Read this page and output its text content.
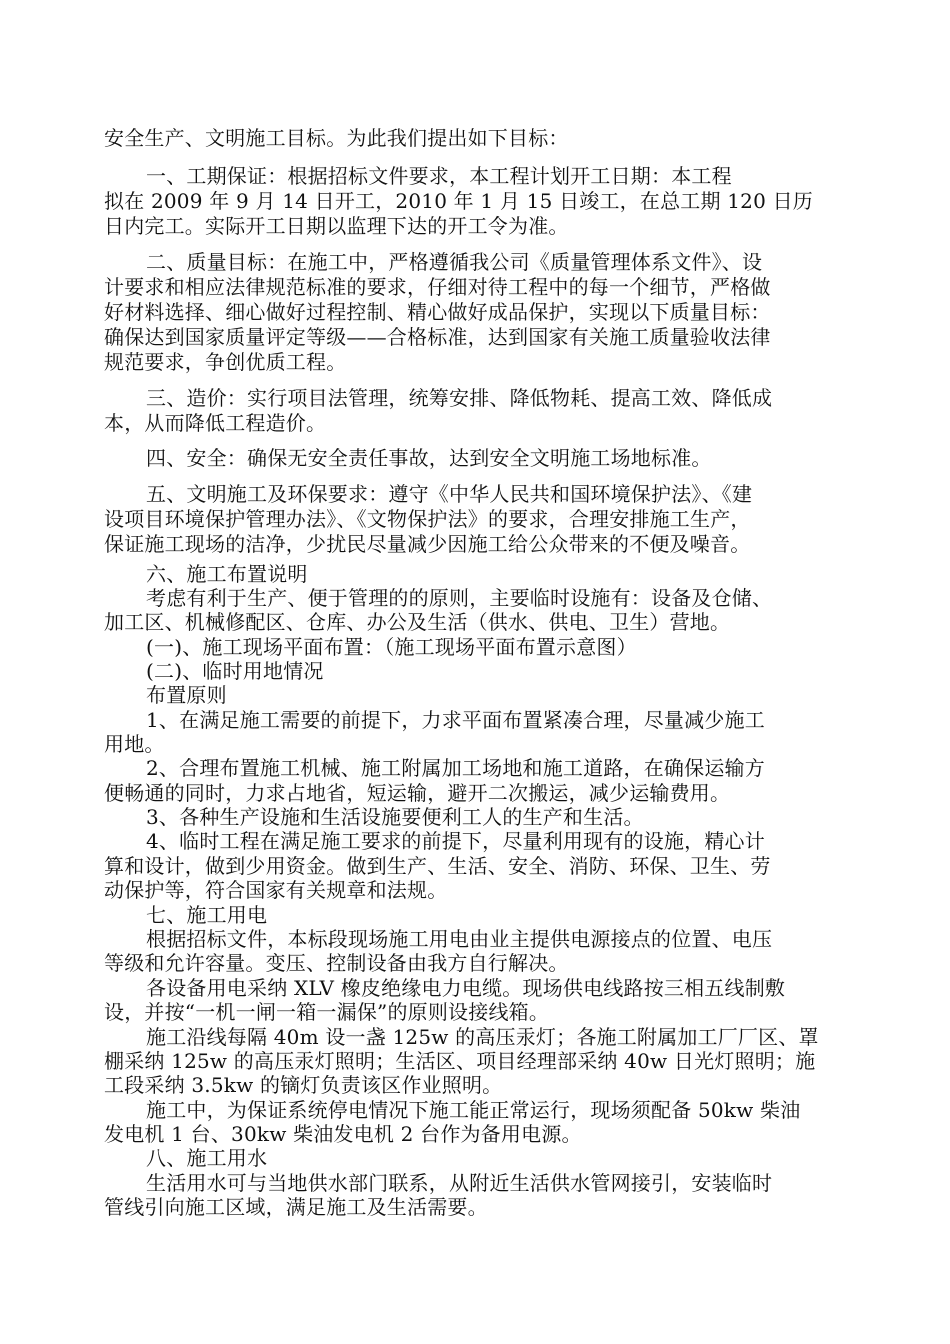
安全生产、文明施工目标。为此我们提出如下目标：
一、工期保证：根据招标文件要求，本工程计划开工日期：本工程
拟在 2009 年 9 月 14 日开工，2010 年 1 月 15 日竣工，在总工期 120 日历
日内完工。实际开工日期以监理下达的开工令为准。
二、质量目标：在施工中，严格遵循我公司《质量管理体系文件》、设
计要求和相应法律规范标准的要求，仔细对待工程中的每一个细节，严格做
好材料选择、细心做好过程控制、精心做好成品保护，实现以下质量目标：
确保达到国家质量评定等级——合格标准，达到国家有关施工质量验收法律
规范要求，争创优质工程。
三、造价：实行项目法管理，统筹安排、降低物耗、提高工效、降低成
本，从而降低工程造价。
四、安全：确保无安全责任事故，达到安全文明施工场地标准。
五、文明施工及环保要求：遵守《中华人民共和国环境保护法》、《建
设项目环境保护管理办法》、《文物保护法》的要求，合理安排施工生产，
保证施工现场的洁净，少扰民尽量减少因施工给公众带来的不便及噪音。
六、施工布置说明
考虑有利于生产、便于管理的的原则，主要临时设施有：设备及仓储、
加工区、机械修配区、仓库、办公及生活（供水、供电、卫生）营地。
(一)、施工现场平面布置：（施工现场平面布置示意图）
(二)、临时用地情况
布置原则
1、在满足施工需要的前提下，力求平面布置紧凑合理，尽量减少施工
用地。
2、合理布置施工机械、施工附属加工场地和施工道路，在确保运输方
便畅通的同时，力求占地省，短运输，避开二次搬运，减少运输费用。
3、各种生产设施和生活设施要便利工人的生产和生活。
4、临时工程在满足施工要求的前提下，尽量利用现有的设施，精心计
算和设计，做到少用资金。做到生产、生活、安全、消防、环保、卫生、劳
动保护等，符合国家有关规章和法规。
七、施工用电
根据招标文件，本标段现场施工用电由业主提供电源接点的位置、电压
等级和允许容量。变压、控制设备由我方自行解决。
各设备用电采纳 XLV 橡皮绝缘电力电缆。现场供电线路按三相五线制敷
设，并按“一机一闸一箱一漏保”的原则设接线箱。
施工沿线每隔 40m 设一盏 125w 的高压汞灯；各施工附属加工厂厂区、罩
棚采纳 125w 的高压汞灯照明；生活区、项目经理部采纳 40w 日光灯照明；施
工段采纳 3.5kw 的镝灯负责该区作业照明。
施工中，为保证系统停电情况下施工能正常运行，现场须配备 50kw 柴油
发电机 1 台、30kw 柴油发电机 2 台作为备用电源。
八、施工用水
生活用水可与当地供水部门联系，从附近生活供水管网接引，安装临时
管线引向施工区域，满足施工及生活需要。
